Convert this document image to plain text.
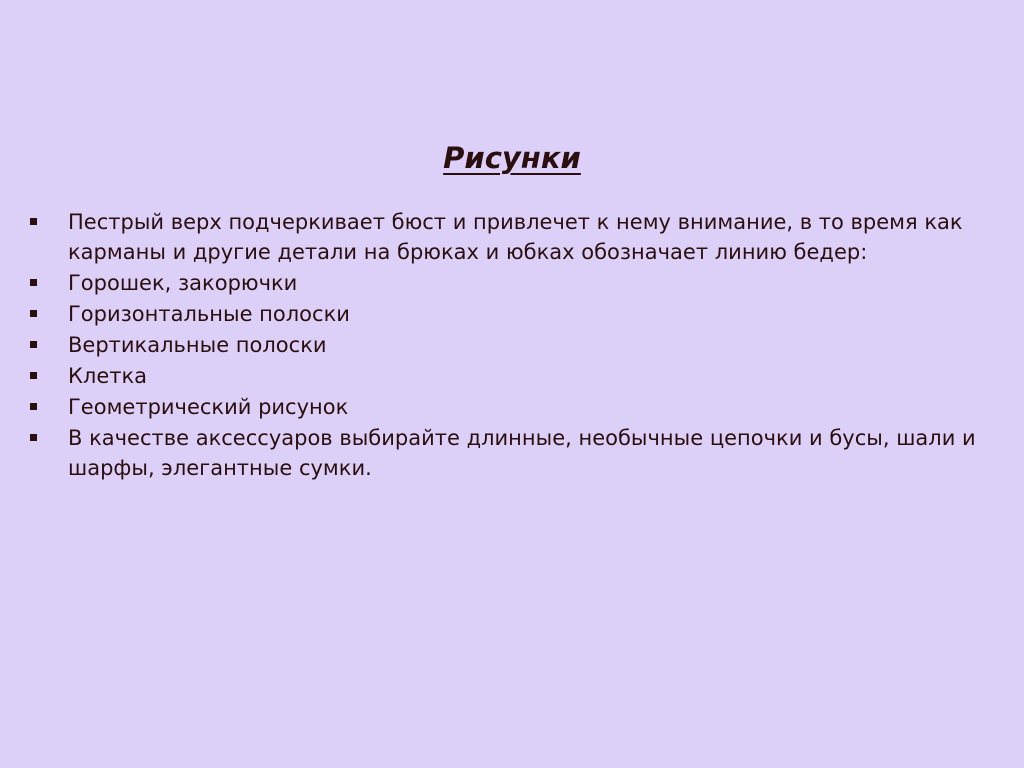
Рисунки
Пестрый верх подчеркивает бюст и привлечет к нему внимание, в то время как карманы и другие детали на брюках и юбках обозначает линию бедер:
Горошек, закорючки
Горизонтальные полоски
Вертикальные полоски
Клетка
Геометрический рисунок
В качестве аксессуаров выбирайте длинные, необычные цепочки и бусы, шали и шарфы, элегантные сумки.
